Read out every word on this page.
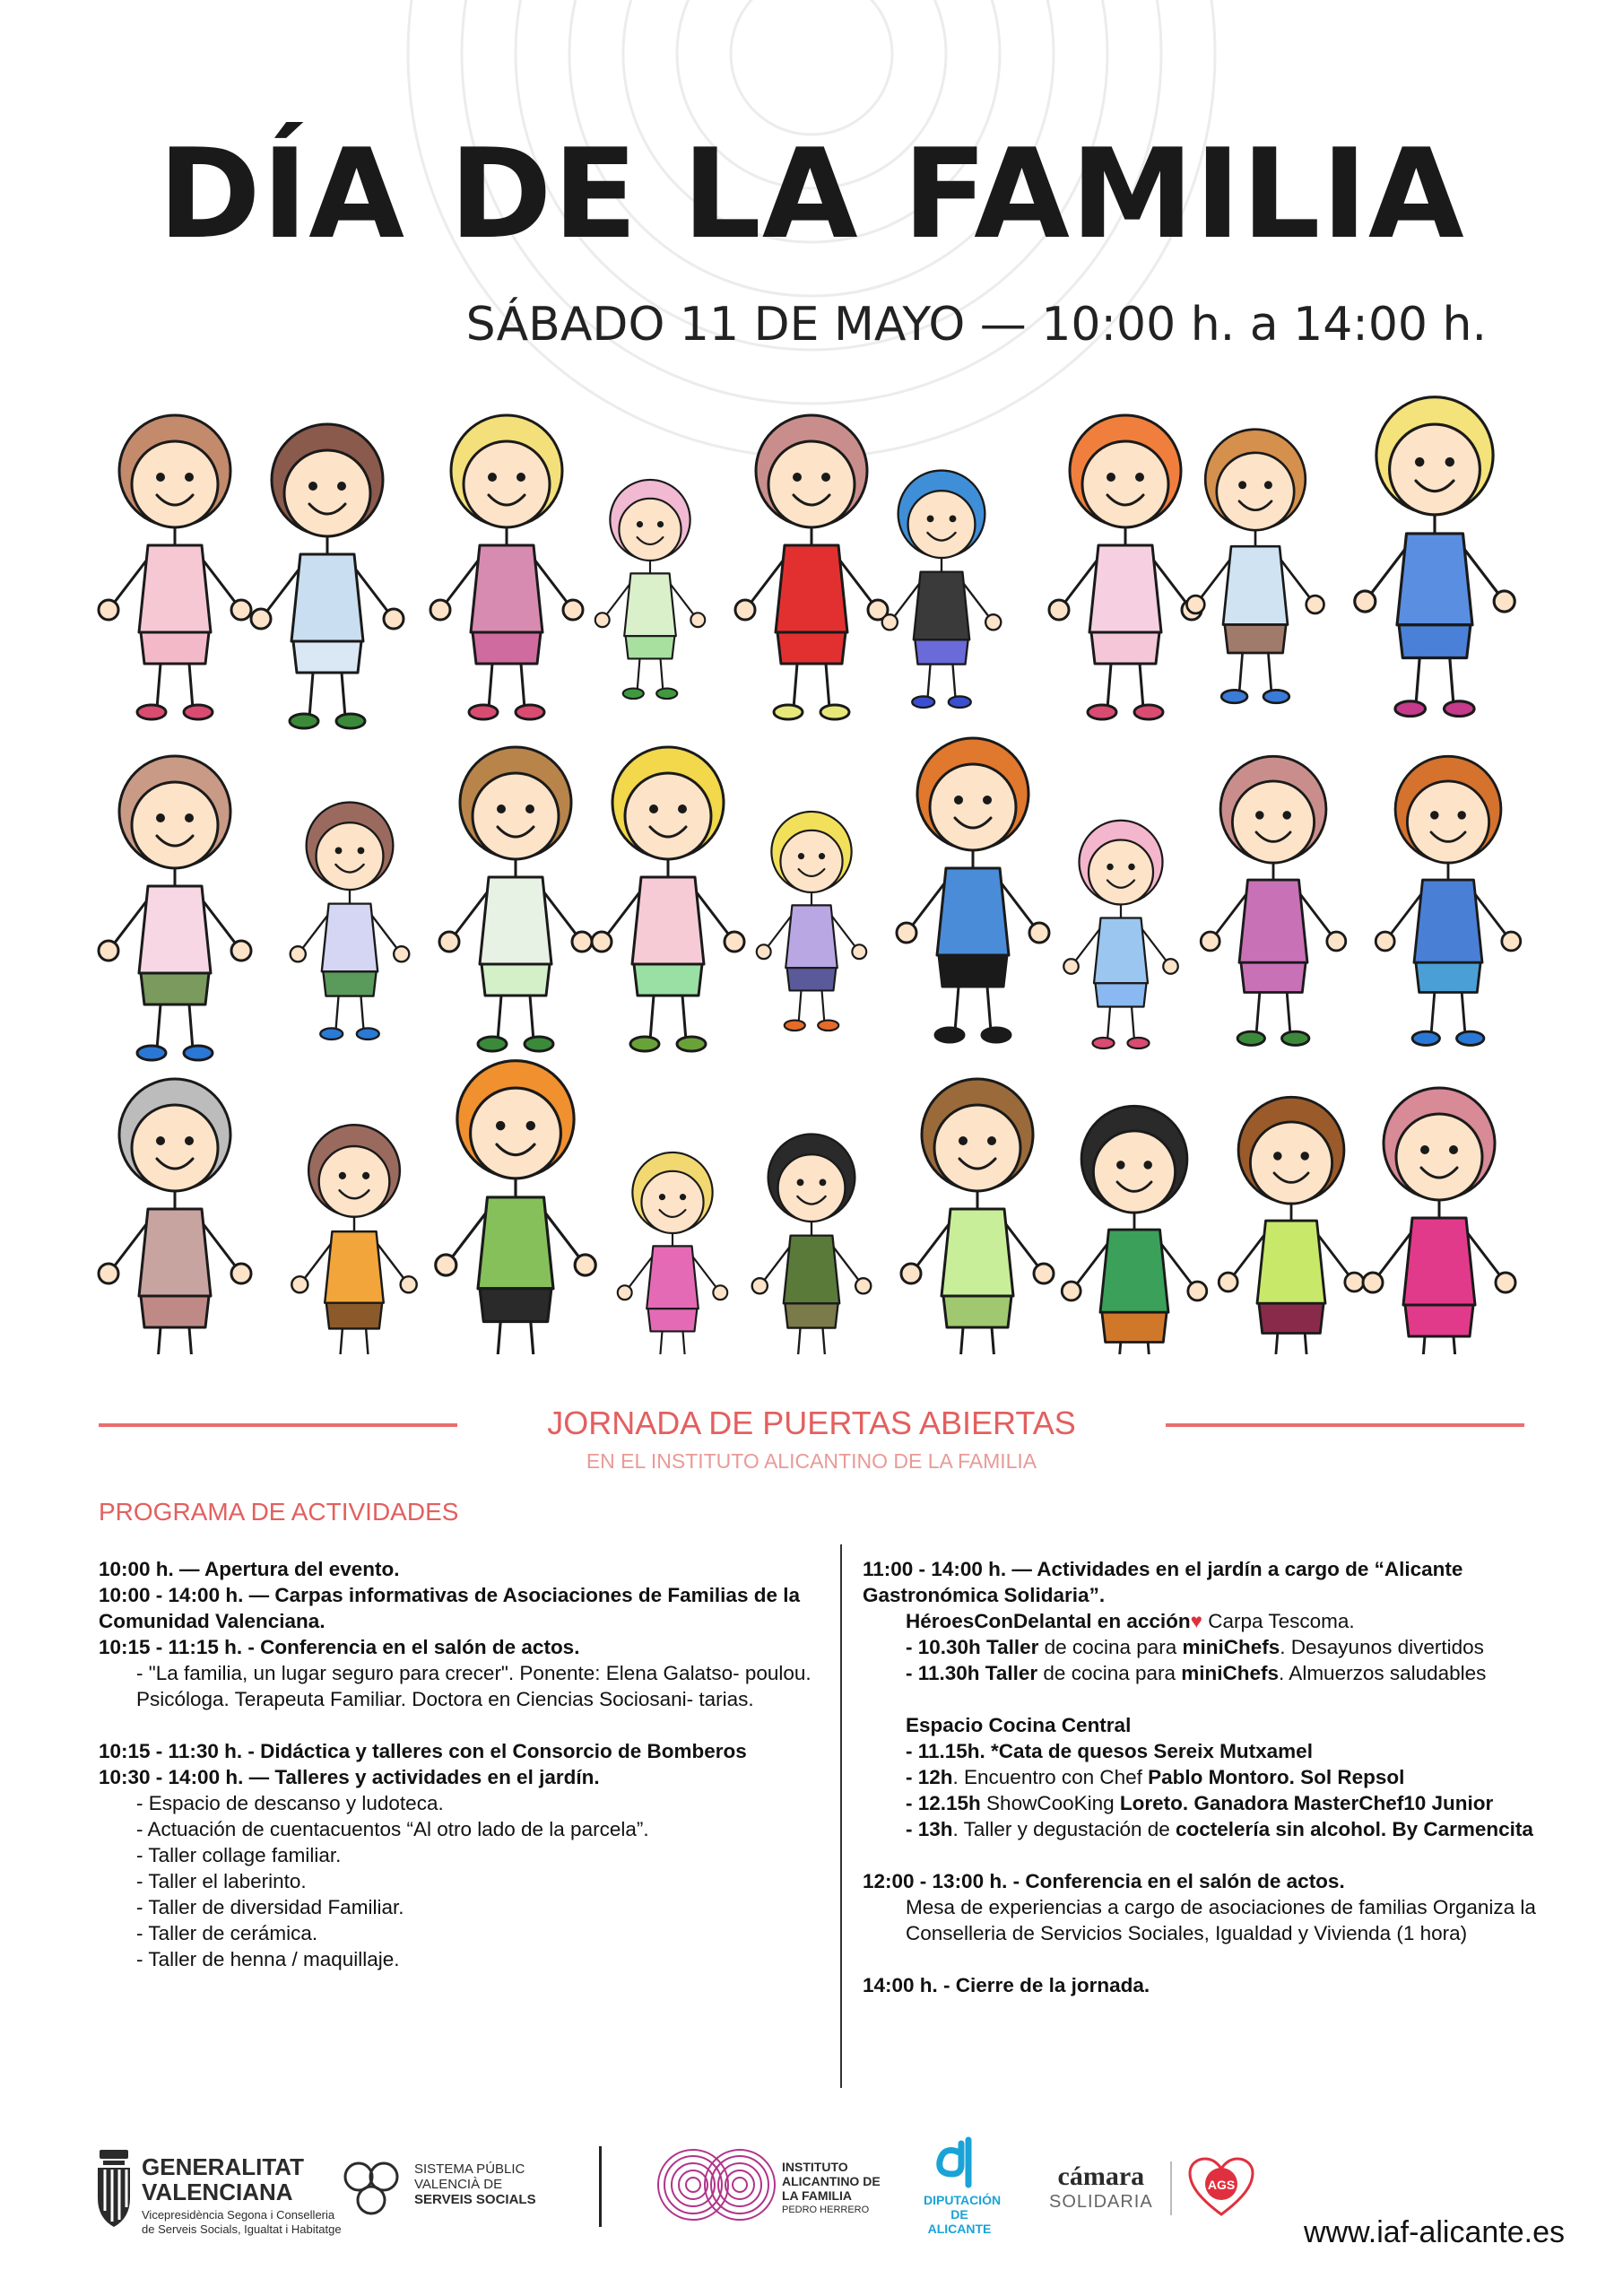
DÍA DE LA FAMILIA
SÁBADO 11 DE MAYO — 10:00 h. a 14:00 h.
JORNADA DE PUERTAS ABIERTAS
EN EL INSTITUTO ALICANTINO DE LA FAMILIA
PROGRAMA DE ACTIVIDADES

10:00 h. — Apertura del evento.

10:00 - 14:00 h. — Carpas informativas de Asociaciones de Familias de la Comunidad Valenciana.

10:15 - 11:15 h. - Conferencia en el salón de actos.

- "La familia, un lugar seguro para crecer". Ponente: Elena Galatso- poulou. Psicóloga. Terapeuta Familiar. Doctora en Ciencias Sociosani- tarias.

10:15 - 11:30 h. - Didáctica y talleres con el Consorcio de Bomberos

10:30 - 14:00 h. — Talleres y actividades en el jardín.

- Espacio de descanso y ludoteca.

- Actuación de cuentacuentos “Al otro lado de la parcela”.

- Taller collage familiar.

- Taller el laberinto.

- Taller de diversidad Familiar.

- Taller de cerámica.

- Taller de henna / maquillaje.

11:00 - 14:00 h. — Actividades en el jardín a cargo de “Alicante Gastronómica Solidaria”.

HéroesConDelantal en acción♥ Carpa Tescoma.

- 10.30h Taller de cocina para miniChefs. Desayunos divertidos

- 11.30h Taller de cocina para miniChefs. Almuerzos saludables

Espacio Cocina Central

- 11.15h. *Cata de quesos Sereix Mutxamel

- 12h. Encuentro con Chef Pablo Montoro. Sol Repsol

- 12.15h ShowCooKing Loreto. Ganadora MasterChef10 Junior

- 13h. Taller y degustación de coctelería sin alcohol. By Carmencita

12:00 - 13:00 h. - Conferencia en el salón de actos.

Mesa de experiencias a cargo de asociaciones de familias Organiza la Conselleria de Servicios Sociales, Igualdad y Vivienda (1 hora)

14:00 h. - Cierre de la jornada.

GENERALITAT
VALENCIANA
Vicepresidència Segona i Conselleria de Serveis Socials, Igualtat i Habitatge
SISTEMA PÚBLIC
VALENCIÀ DE
SERVEIS SOCIALS
INSTITUTO
ALICANTINO DE
LA FAMILIA
PEDRO HERRERO
DIPUTACIÓN
DE ALICANTE
cámara
SOLIDARIA
AGS
www.iaf-alicante.es
